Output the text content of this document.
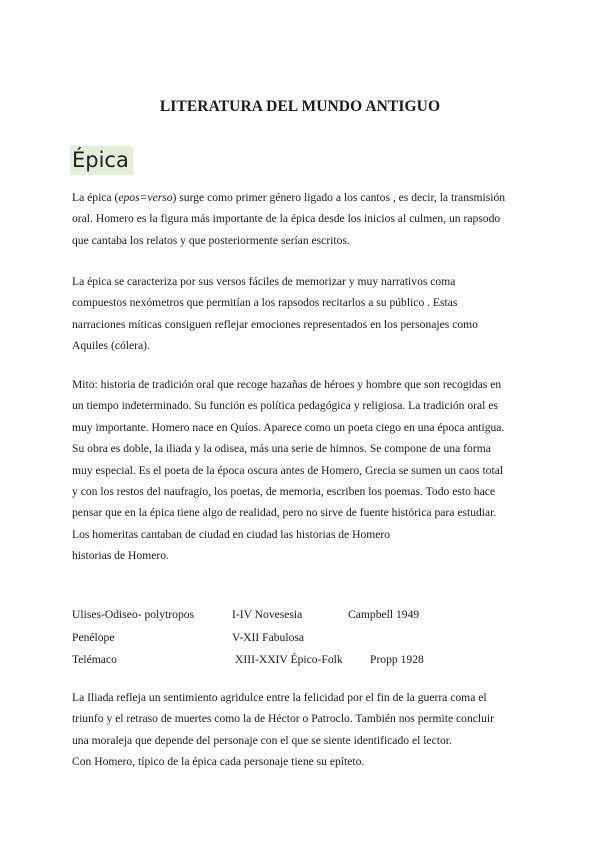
LITERATURA DEL MUNDO ANTIGUO
Épica
La épica (epos=verso) surge como primer género ligado a los cantos , es decir, la transmisión
oral. Homero es la figura más importante de la épica desde los inicios al culmen, un rapsodo
que cantaba los relatos y que posteriormente serían escritos.
La épica se caracteriza por sus versos fáciles de memorizar y muy narrativos coma
compuestos nexómetros que permitían a los rapsodos recitarlos a su público . Estas
narraciones míticas consiguen reflejar emociones representados en los personajes como
Aquiles (cólera).
Mito: historia de tradición oral que recoge hazañas de héroes y hombre que son recogidas en
un tiempo indeterminado. Su función es política pedagógica y religiosa. La tradición oral es
muy importante. Homero nace en Quíos. Aparece como un poeta ciego en una época antigua.
Su obra es doble, la iliada y la odisea, más una serie de himnos. Se compone de una forma
muy especial. Es el poeta de la época oscura antes de Homero, Grecia se sumen un caos total
y con los restos del naufragio, los poetas, de memoria, escriben los poemas. Todo esto hace
pensar que en la épica tiene algo de realidad, pero no sirve de fuente histórica para estudiar.
Los homeritas cantaban de ciudad en ciudad las historias de Homero
historias de Homero.
Ulises-Odiseo- polytropos	I-IV Novesesia	Campbell 1949
Penélope	V-XII Fabulosa
Telémaco	XIII-XXIV Épico-Folk Propp 1928
La Iliada refleja un sentimiento agridulce entre la felicidad por el fin de la guerra coma el
triunfo y el retraso de muertes como la de Héctor o Patroclo. También nos permite concluir
una moraleja que depende del personaje con el que se siente identificado el lector.
Con Homero, típico de la épica cada personaje tiene su epíteto.
